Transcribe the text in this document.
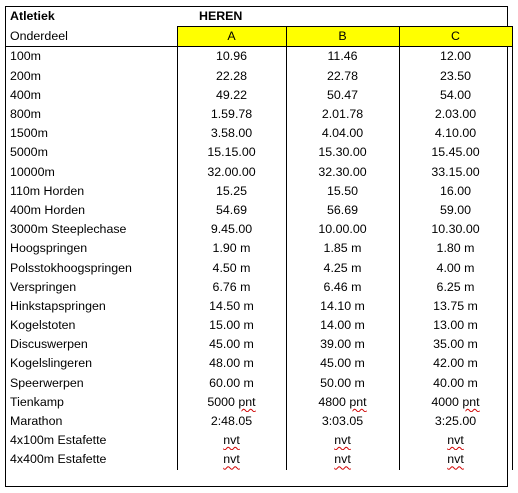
Atletiek	HEREN		
Onderdeel	A	B	C
100m	10.96	11.46	12.00
200m	22.28	22.78	23.50
400m	49.22	50.47	54.00
800m	1.59.78	2.01.78	2.03.00
1500m	3.58.00	4.04.00	4.10.00
5000m	15.15.00	15.30.00	15.45.00
10000m	32.00.00	32.30.00	33.15.00
110m Horden	15.25	15.50	16.00
400m Horden	54.69	56.69	59.00
3000m Steeplechase	9.45.00	10.00.00	10.30.00
Hoogspringen	1.90 m	1.85 m	1.80 m
Polsstokhoogspringen	4.50 m	4.25 m	4.00 m
Verspringen	6.76 m	6.46 m	6.25 m
Hinkstapspringen	14.50 m	14.10 m	13.75 m
Kogelstoten	15.00 m	14.00 m	13.00 m
Discuswerpen	45.00 m	39.00 m	35.00 m
Kogelslingeren	48.00 m	45.00 m	42.00 m
Speerwerpen	60.00 m	50.00 m	40.00 m
Tienkamp	5000 pnt	4800 pnt	4000 pnt
Marathon	2:48.05	3:03.05	3:25.00
4x100m Estafette	nvt	nvt	nvt
4x400m Estafette	nvt	nvt	nvt
